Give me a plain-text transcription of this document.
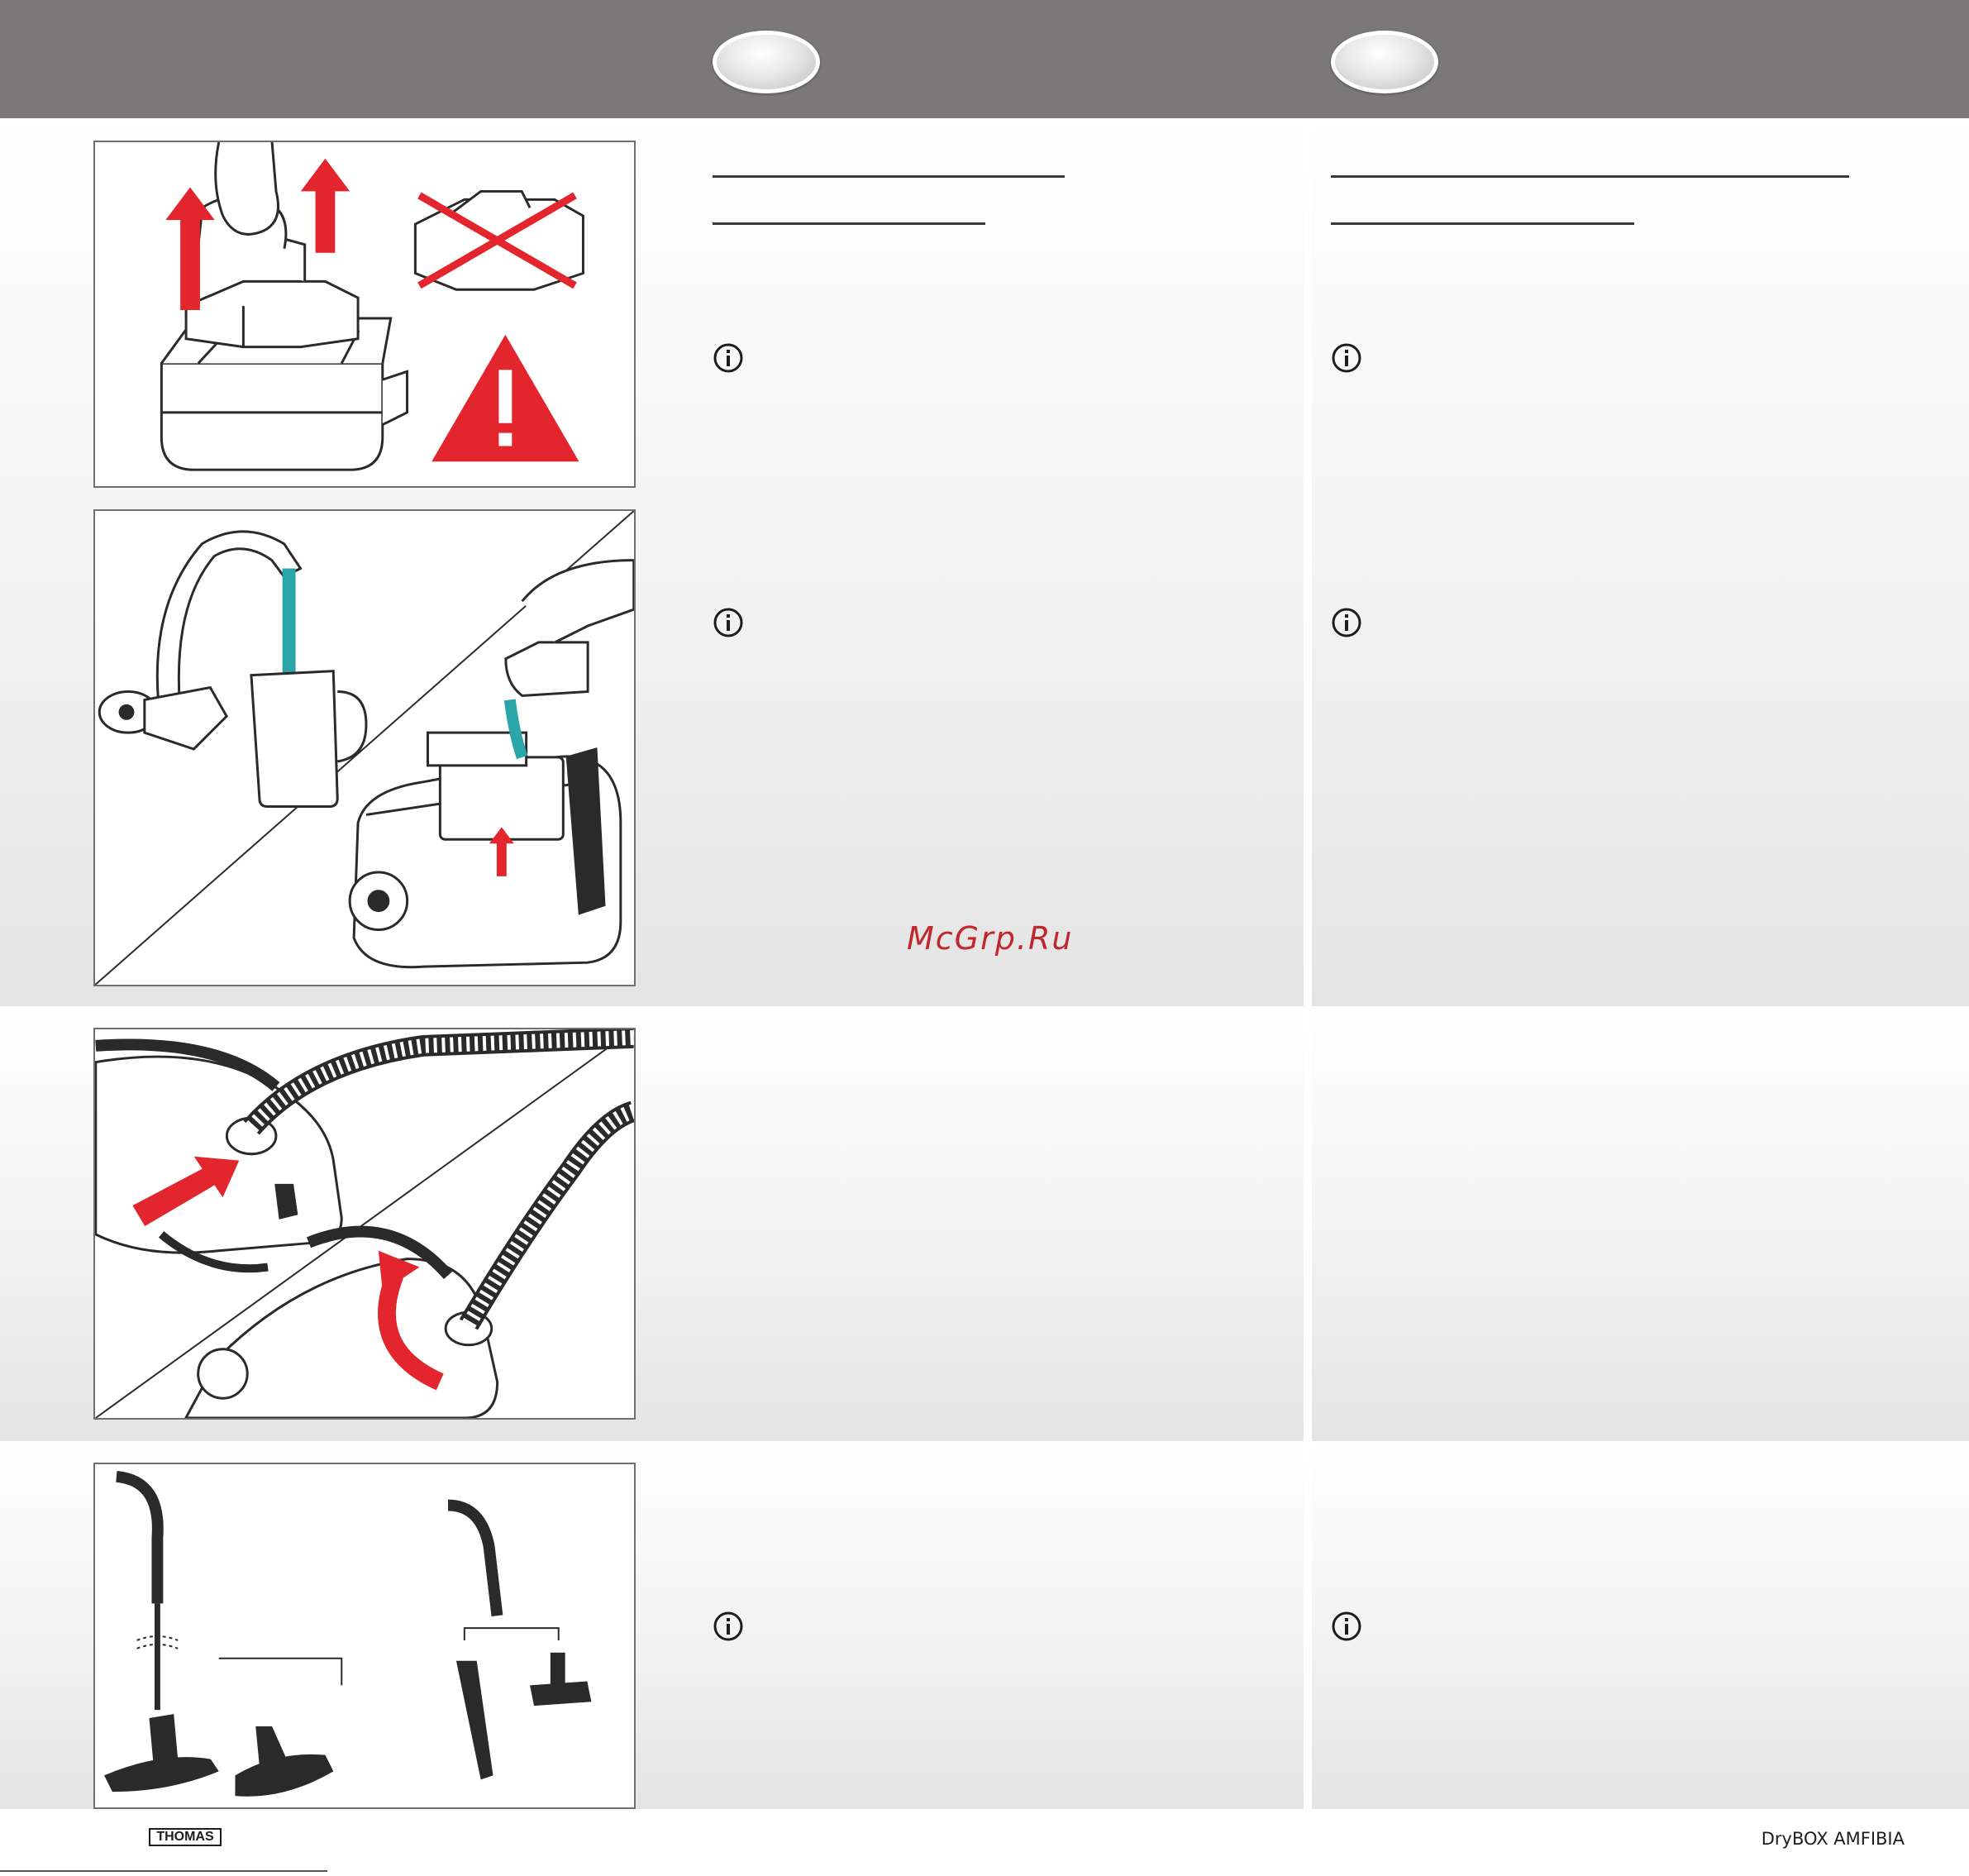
McGrp.Ru
THOMAS	DryBOX AMFIBIA
